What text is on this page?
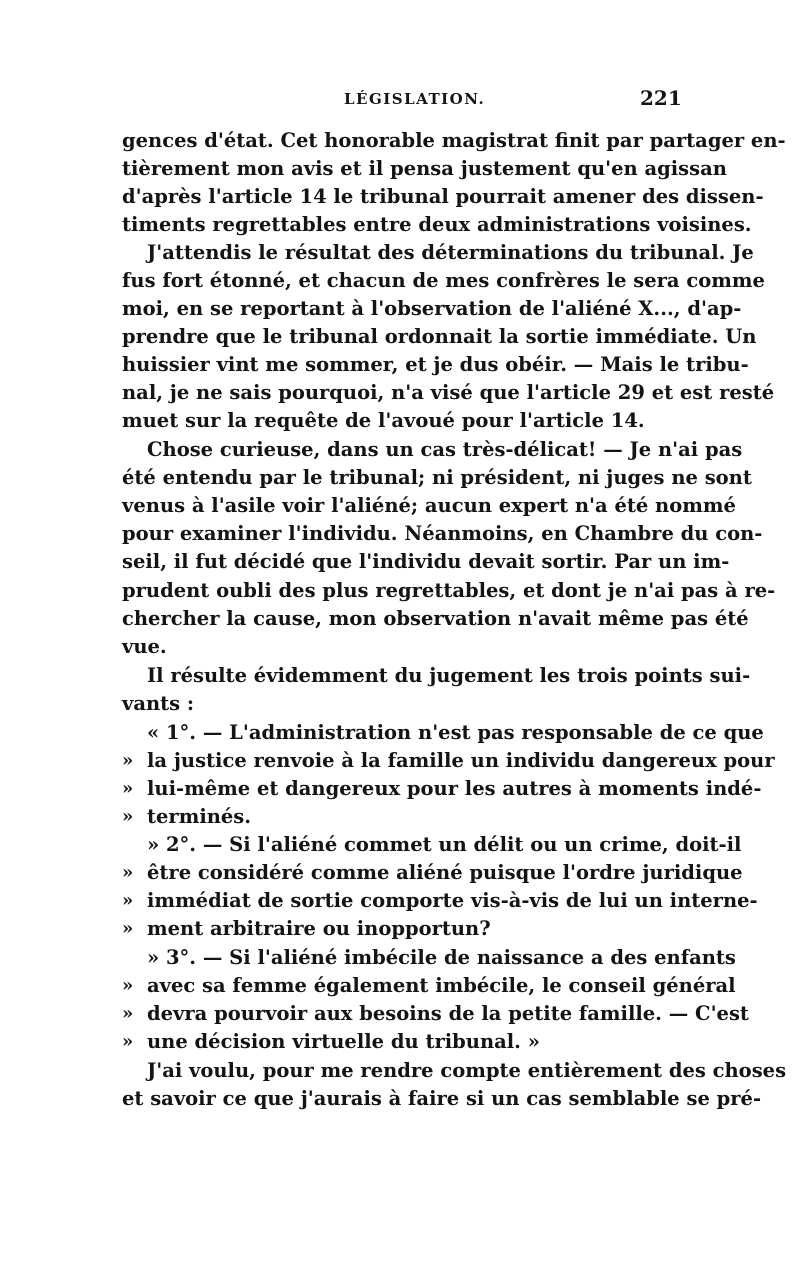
LÉGISLATION.	221
gences d'état. Cet honorable magistrat finit par partager en-
tièrement mon avis et il pensa justement qu'en agissan
d'après l'article 14 le tribunal pourrait amener des dissen-
timents regrettables entre deux administrations voisines.
J'attendis le résultat des déterminations du tribunal. Je
fus fort étonné, et chacun de mes confrères le sera comme
moi, en se reportant à l'observation de l'aliéné X..., d'ap-
prendre que le tribunal ordonnait la sortie immédiate. Un
huissier vint me sommer, et je dus obéir. — Mais le tribu-
nal, je ne sais pourquoi, n'a visé que l'article 29 et est resté
muet sur la requête de l'avoué pour l'article 14.
Chose curieuse, dans un cas très-délicat! — Je n'ai pas
été entendu par le tribunal; ni président, ni juges ne sont
venus à l'asile voir l'aliéné; aucun expert n'a été nommé
pour examiner l'individu. Néanmoins, en Chambre du con-
seil, il fut décidé que l'individu devait sortir. Par un im-
prudent oubli des plus regrettables, et dont je n'ai pas à re-
chercher la cause, mon observation n'avait même pas été
vue.
Il résulte évidemment du jugement les trois points sui-
vants :
« 1°. — L'administration n'est pas responsable de ce que
» la justice renvoie à la famille un individu dangereux pour
» lui-même et dangereux pour les autres à moments indé-
» terminés.
» 2°. — Si l'aliéné commet un délit ou un crime, doit-il
» être considéré comme aliéné puisque l'ordre juridique
» immédiat de sortie comporte vis-à-vis de lui un interne-
» ment arbitraire ou inopportun?
» 3°. — Si l'aliéné imbécile de naissance a des enfants
» avec sa femme également imbécile, le conseil général
» devra pourvoir aux besoins de la petite famille. — C'est
» une décision virtuelle du tribunal. »
J'ai voulu, pour me rendre compte entièrement des choses
et savoir ce que j'aurais à faire si un cas semblable se pré-
